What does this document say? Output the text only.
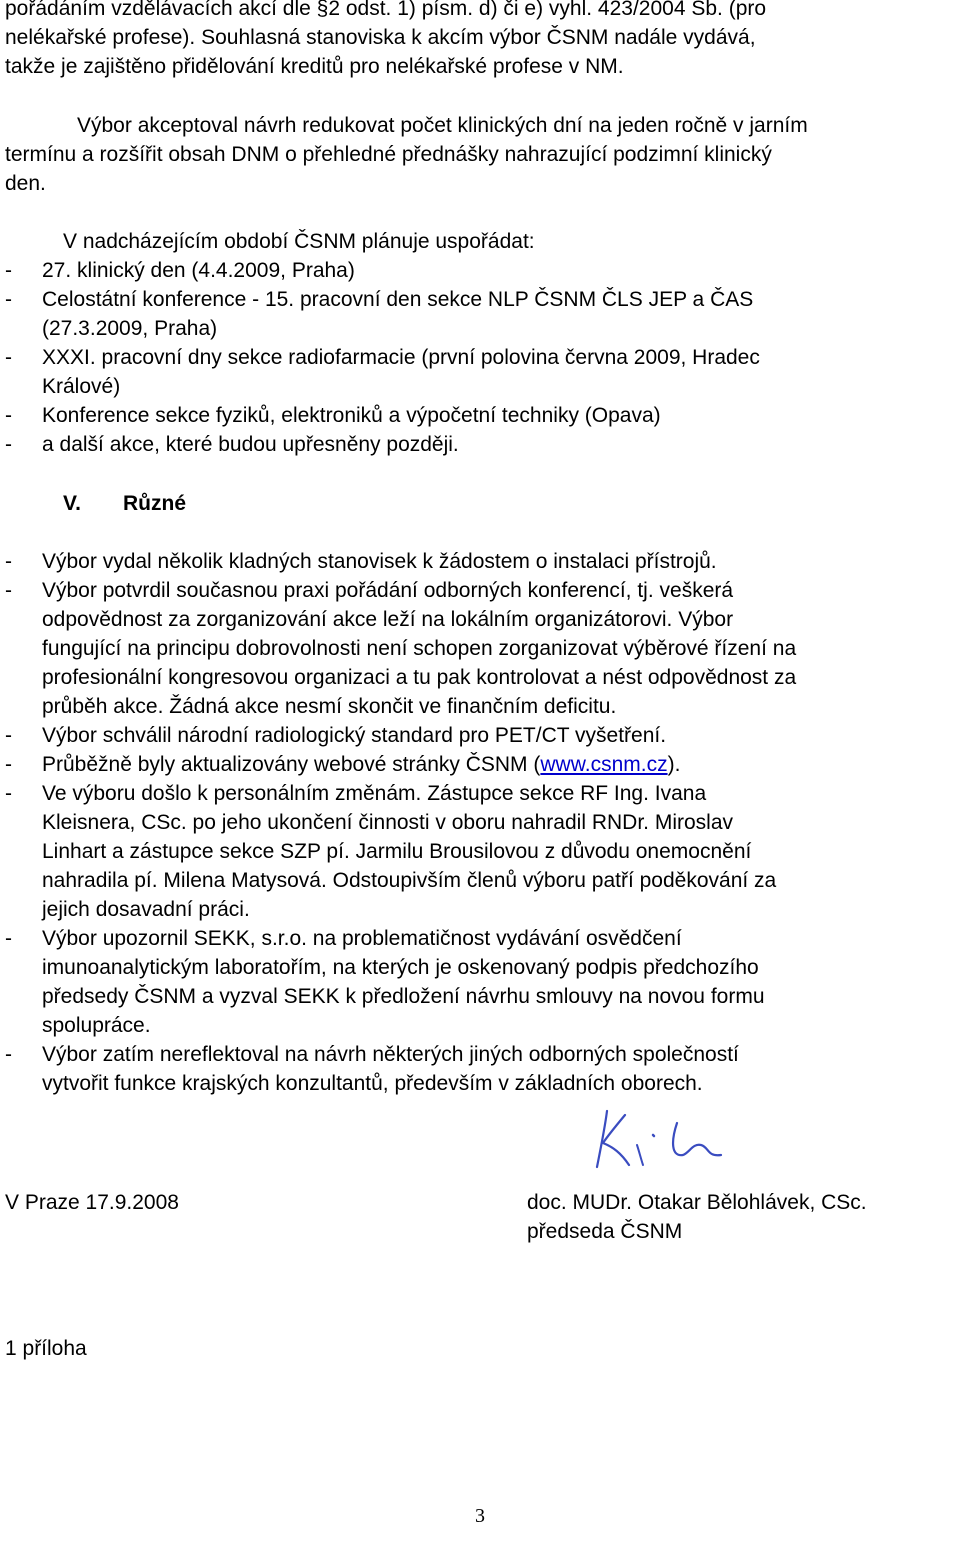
pořádáním vzdělávacích akcí dle §2 odst. 1) písm. d) či e) vyhl. 423/2004 Sb. (pro
nelékařské profese). Souhlasná stanoviska k akcím výbor ČSNM nadále vydává,
takže je zajištěno přidělování kreditů pro nelékařské profese v NM.
Výbor akceptoval návrh redukovat počet klinických dní na jeden ročně v jarním
termínu a rozšířit obsah DNM o přehledné přednášky nahrazující podzimní klinický
den.
V nadcházejícím období ČSNM plánuje uspořádat:
- 27. klinický den (4.4.2009, Praha)
- Celostátní konference - 15. pracovní den sekce NLP ČSNM ČLS JEP a ČAS
(27.3.2009, Praha)
- XXXI. pracovní dny sekce radiofarmacie (první polovina června 2009, Hradec
Králové)
- Konference sekce fyziků, elektroniků a výpočetní techniky (Opava)
- a další akce, které budou upřesněny později.
V. Různé
- Výbor vydal několik kladných stanovisek k žádostem o instalaci přístrojů.
- Výbor potvrdil současnou praxi pořádání odborných konferencí, tj. veškerá
odpovědnost za zorganizování akce leží na lokálním organizátorovi. Výbor
fungující na principu dobrovolnosti není schopen zorganizovat výběrové řízení na
profesionální kongresovou organizaci a tu pak kontrolovat a nést odpovědnost za
průběh akce. Žádná akce nesmí skončit ve finančním deficitu.
- Výbor schválil národní radiologický standard pro PET/CT vyšetření.
- Průběžně byly aktualizovány webové stránky ČSNM (www.csnm.cz).
- Ve výboru došlo k personálním změnám. Zástupce sekce RF Ing. Ivana
Kleisnera, CSc. po jeho ukončení činnosti v oboru nahradil RNDr. Miroslav
Linhart a zástupce sekce SZP pí. Jarmilu Brousilovou z důvodu onemocnění
nahradila pí. Milena Matysová. Odstoupivším členů výboru patří poděkování za
jejich dosavadní práci.
- Výbor upozornil SEKK, s.r.o. na problematičnost vydávání osvědčení
imunoanalytickým laboratořím, na kterých je oskenovaný podpis předchozího
předsedy ČSNM a vyzval SEKK k předložení návrhu smlouvy na novou formu
spolupráce.
- Výbor zatím nereflektoval na návrh některých jiných odborných společností
vytvořit funkce krajských konzultantů, především v základních oborech.
V Praze 17.9.2008	doc. MUDr. Otakar Bělohlávek, CSc.
předseda ČSNM
1 příloha
3
